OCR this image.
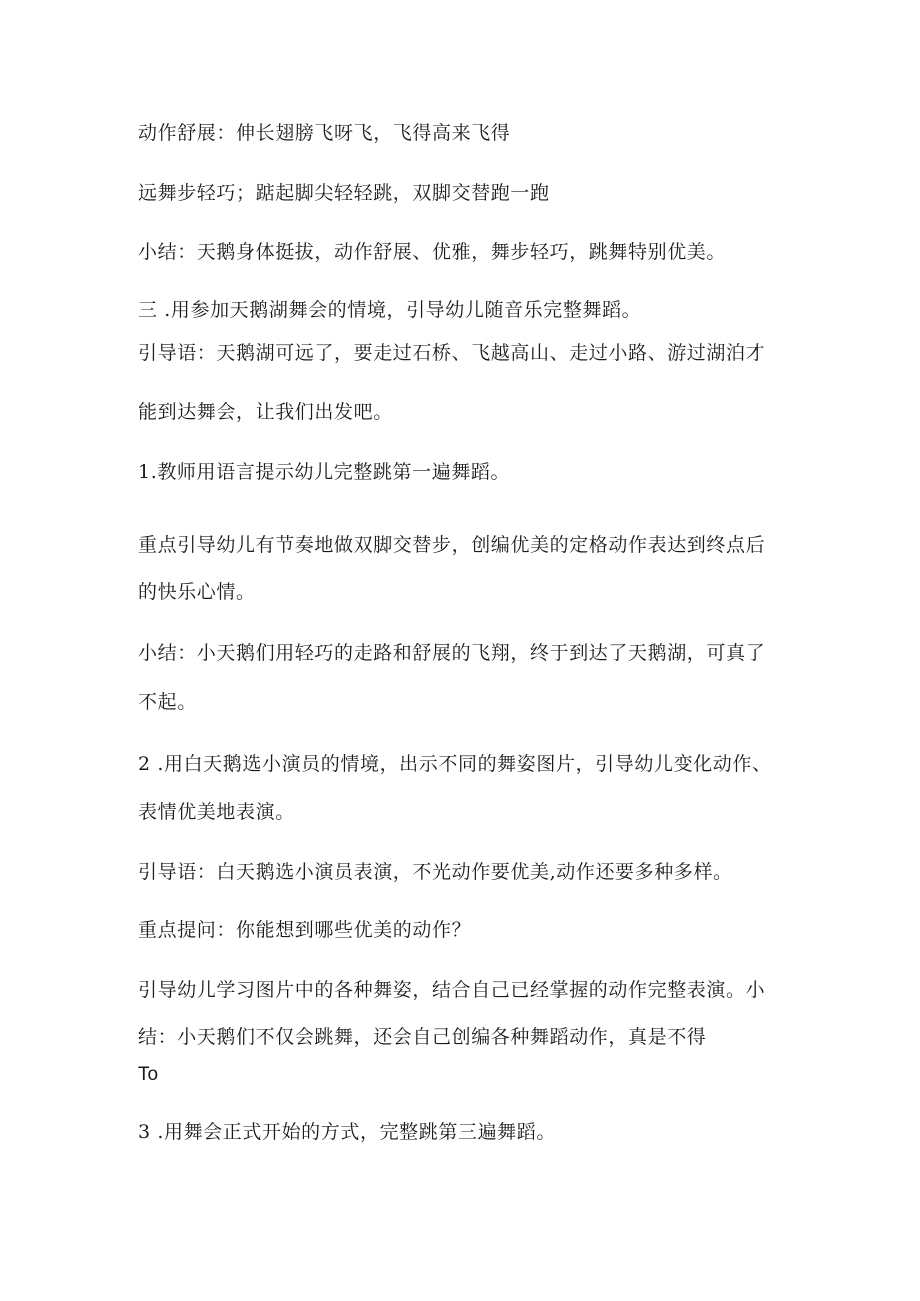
动作舒展：伸长翅膀飞呀飞，飞得高来飞得
远舞步轻巧；踮起脚尖轻轻跳，双脚交替跑一跑
小结：天鹅身体挺拔，动作舒展、优雅，舞步轻巧，跳舞特别优美。
三 .用参加天鹅湖舞会的情境，引导幼儿随音乐完整舞蹈。
引导语：天鹅湖可远了，要走过石桥、飞越高山、走过小路、游过湖泊才
能到达舞会，让我们出发吧。
1.教师用语言提示幼儿完整跳第一遍舞蹈。
重点引导幼儿有节奏地做双脚交替步，创编优美的定格动作表达到终点后
的快乐心情。
小结：小天鹅们用轻巧的走路和舒展的飞翔，终于到达了天鹅湖，可真了
不起。
2 .用白天鹅选小演员的情境，出示不同的舞姿图片，引导幼儿变化动作、
表情优美地表演。
引导语：白天鹅选小演员表演，不光动作要优美,动作还要多种多样。
重点提问：你能想到哪些优美的动作？
引导幼儿学习图片中的各种舞姿，结合自己已经掌握的动作完整表演。小
结：小天鹅们不仅会跳舞，还会自己创编各种舞蹈动作，真是不得
To
3 .用舞会正式开始的方式，完整跳第三遍舞蹈。
